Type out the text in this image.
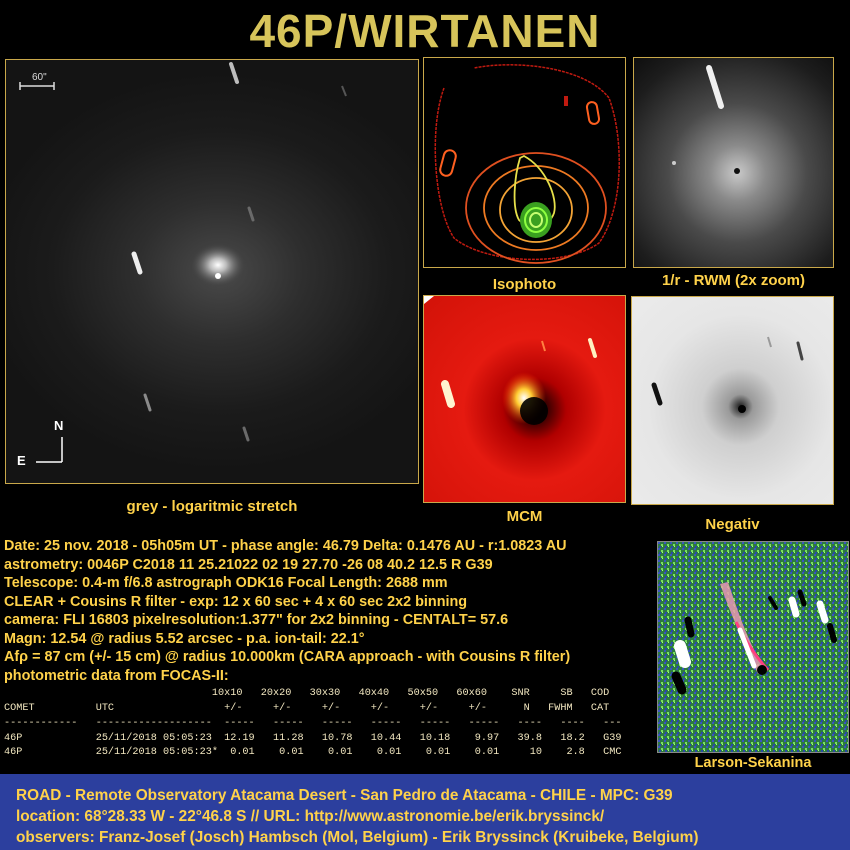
46P/WIRTANEN
60"
N
E
grey - logaritmic stretch
Isophoto	1/r - RWM (2x zoom)
MCM	Negativ
Date: 25 nov. 2018 - 05h05m UT - phase angle: 46.79 Delta: 0.1476 AU - r:1.0823 AU
astrometry: 0046P C2018 11 25.21022 02 19 27.70 -26 08 40.2 12.5 R G39
Telescope: 0.4-m f/6.8 astrograph ODK16 Focal Length: 2688 mm
CLEAR + Cousins R filter - exp: 12 x 60 sec + 4 x 60 sec 2x2 binning
camera: FLI 16803 pixelresolution:1.377" for 2x2 binning - CENTALT= 57.6
Magn: 12.54 @ radius 5.52 arcsec - p.a. ion-tail: 22.1°
Afρ = 87 cm (+/- 15 cm) @ radius 10.000km (CARA approach - with Cousins R filter)
photometric data from FOCAS-II:
10x10   20x20   30x30   40x40   50x50   60x60    SNR     SB   COD
COMET          UTC                  +/-     +/-     +/-     +/-     +/-     +/-      N   FWHM   CAT
------------   -------------------  -----   -----   -----   -----   -----   -----   ----   ----   ---
46P            25/11/2018 05:05:23  12.19   11.28   10.78   10.44   10.18    9.97   39.8   18.2   G39
46P            25/11/2018 05:05:23*  0.01    0.01    0.01    0.01    0.01    0.01     10    2.8   CMC
Larson-Sekanina
ROAD - Remote Observatory Atacama Desert - San Pedro de Atacama - CHILE - MPC: G39
location: 68°28.33 W - 22°46.8 S // URL: http://www.astronomie.be/erik.bryssinck/
observers: Franz-Josef (Josch) Hambsch (Mol, Belgium) - Erik Bryssinck (Kruibeke, Belgium)
